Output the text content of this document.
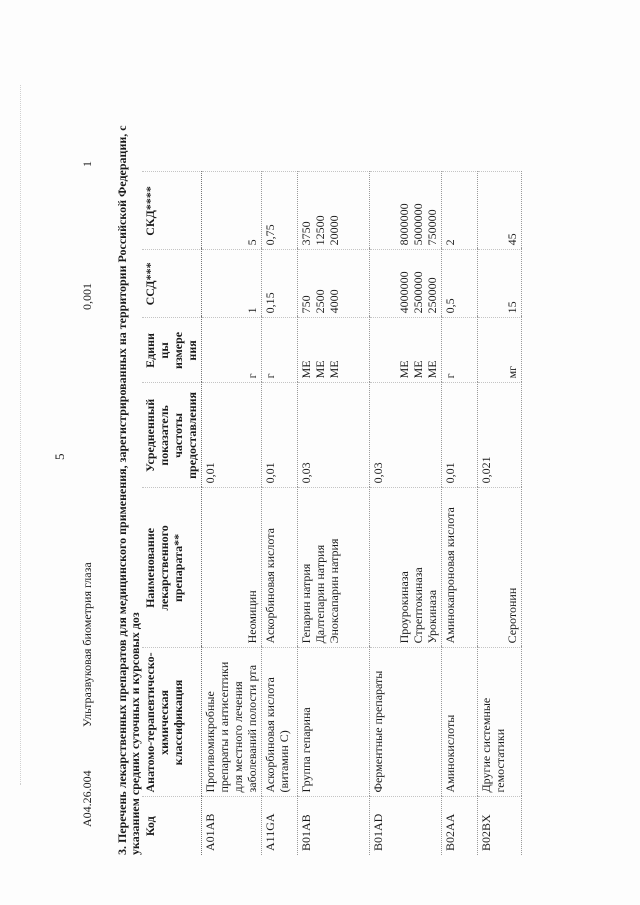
5
A04.26.004
Ультразвуковая биометрия глаза
0,001
1 3. Перечень лекарственных препаратов для медицинского применения, зарегистрированных на территории Российской Федерации, с указанием средних суточных и курсовых доз Код	Анатомо-терапевтическо- химическая классификация	Наименование лекарственного препарата**	Усредненный показатель частоты предоставления	Едини цы измере ния	ССД***	СКД****

A01AB	Противомикробные препараты и антисептики для местного лечения заболеваний полости рта	Неомицин	0,01	г	1	5

A11GA	Аскорбиновая кислота (витамин C)	Аскорбиновая кислота	0,01	г	0,15	0,75

B01AB	Группа гепарина	Гепарин натрия Далтепарин натрия Эноксапарин натрия	0,03	МЕ МЕ МЕ	750 2500 4000	3750 12500 20000

B01AD	Ферментные препараты	Проурокиназа Стрептокиназа Урокиназа	0,03	МЕ МЕ МЕ	4000000 2500000 250000	8000000 5000000 750000

B02AA	Аминокислоты	Аминокапроновая кислота	0,01	г	0,5	2

B02BX	Другие системные гемостатики	Серотонин	0,021	мг	15	45
